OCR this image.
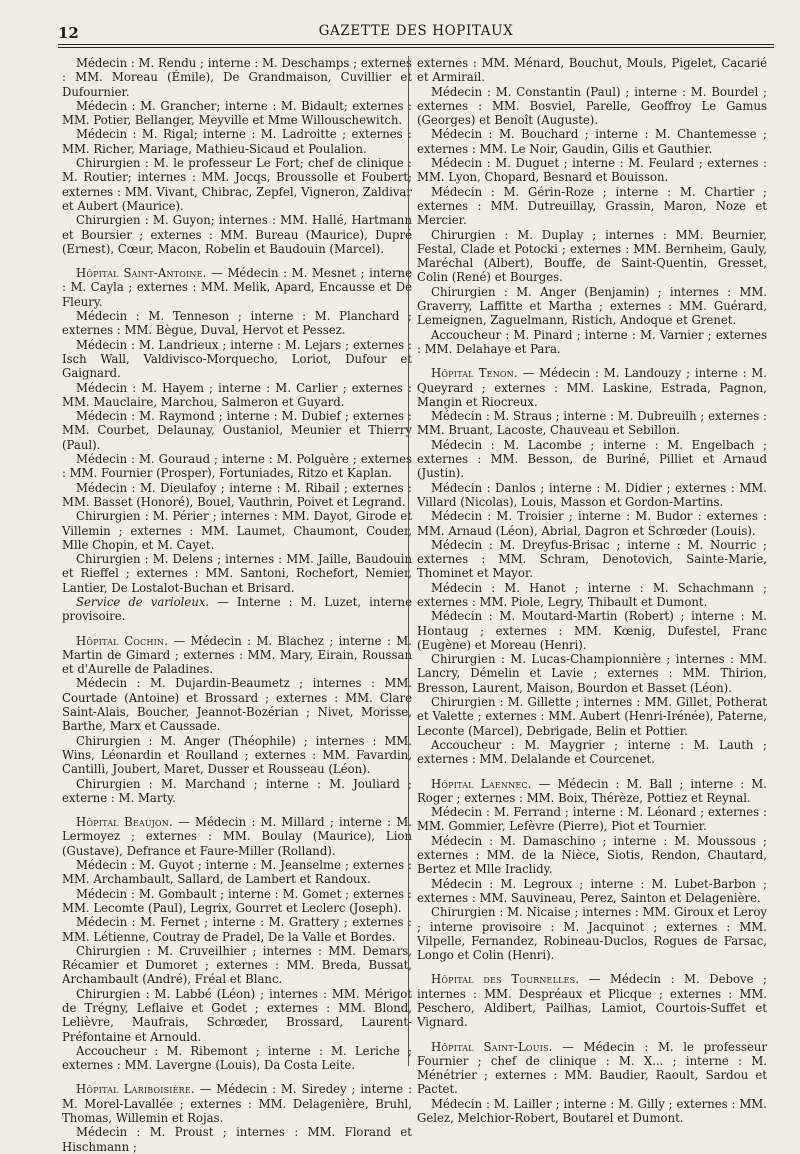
12	GAZETTE DES HOPITAUX

Médecin : M. Rendu ; interne : M. Deschamps ; externes : MM. Moreau (Émile), De Grandmaison, Cuvillier et Dufournier.

Médecin : M. Grancher; interne : M. Bidault; externes : MM. Potier, Bellanger, Meyville et Mme Willouschewitch.

Médecin : M. Rigal; interne : M. Ladroitte ; externes : MM. Richer, Mariage, Mathieu-Sicaud et Poulalion.

Chirurgien : M. le professeur Le Fort; chef de clinique : M. Routier; internes : MM. Jocqs, Broussolle et Foubert; externes : MM. Vivant, Chibrac, Zepfel, Vigneron, Zaldivar et Aubert (Maurice).

Chirurgien : M. Guyon; internes : MM. Hallé, Hartmann et Boursier ; externes : MM. Bureau (Maurice), Dupré (Ernest), Cœur, Macon, Robelin et Baudouin (Marcel).

Hôpital Saint-Antoine. — Médecin : M. Mesnet ; interne : M. Cayla ; externes : MM. Melik, Apard, Encausse et De Fleury.

Médecin : M. Tenneson ; interne : M. Planchard ; externes : MM. Bègue, Duval, Hervot et Pessez.

Médecin : M. Landrieux ; interne : M. Lejars ; externes : Isch Wall, Valdivisco-Morquecho, Loriot, Dufour et Gaignard.

Médecin : M. Hayem ; interne : M. Carlier ; externes : MM. Mauclaire, Marchou, Salmeron et Guyard.

Médecin : M. Raymond ; interne : M. Dubief ; externes : MM. Courbet, Delaunay, Oustaniol, Meunier et Thierry (Paul).

Médecin : M. Gouraud ; interne : M. Polguère ; externes : MM. Fournier (Prosper), Fortuniades, Ritzo et Kaplan.

Médecin : M. Dieulafoy ; interne : M. Ribail ; externes : MM. Basset (Honoré), Bouel, Vauthrin, Poivet et Legrand.

Chirurgien : M. Périer ; internes : MM. Dayot, Girode et Villemin ; externes : MM. Laumet, Chaumont, Couder, Mlle Chopin, et M. Cayet.

Chirurgien : M. Delens ; internes : MM. Jaille, Baudouin et Rieffel ; externes : MM. Santoni, Rochefort, Nemier, Lantier, De Lostalot-Buchan et Brisard.

Service de varioleux. — Interne : M. Luzet, interne provisoire.

Hôpital Cochin. — Médecin : M. Blachez ; interne : M. Martin de Gimard ; externes : MM. Mary, Eirain, Roussan et d'Aurelle de Paladines.

Médecin : M. Dujardin-Beaumetz ; internes : MM. Courtade (Antoine) et Brossard ; externes : MM. Clare Saint-Alais, Boucher, Jeannot-Bozérian ; Nivet, Morisse, Barthe, Marx et Caussade.

Chirurgien : M. Anger (Théophile) ; internes : MM. Wins, Léonardin et Roulland ; externes : MM. Favardin, Cantilli, Joubert, Maret, Dusser et Rousseau (Léon).

Chirurgien : M. Marchand ; interne : M. Jouliard ; externe : M. Marty.

Hôpital Beaujon. — Médecin : M. Millard ; interne : M. Lermoyez ; externes : MM. Boulay (Maurice), Lion (Gustave), Defrance et Faure-Miller (Rolland).

Médecin : M. Guyot ; interne : M. Jeanselme ; externes : MM. Archambault, Sallard, de Lambert et Randoux.

Médecin : M. Gombault ; interne : M. Gomet ; externes : MM. Lecomte (Paul), Legrix, Gourret et Leclerc (Joseph).

Médecin : M. Fernet ; interne : M. Grattery ; externes : MM. Létienne, Coutray de Pradel, De la Valle et Bordes.

Chirurgien : M. Cruveilhier ; internes : MM. Demars, Récamier et Dumoret ; externes : MM. Breda, Bussat, Archambault (André), Fréal et Blanc.

Chirurgien : M. Labbé (Léon) ; internes : MM. Mérigot de Trégny, Leflaive et Godet ; externes : MM. Blond, Lelièvre, Maufrais, Schrœder, Brossard, Laurent-Préfontaine et Arnould.

Accoucheur : M. Ribemont ; interne : M. Leriche ; externes : MM. Lavergne (Louis), Da Costa Leite.

Hôpital Lariboisière. — Médecin : M. Siredey ; interne : M. Morel-Lavallée ; externes : MM. Delagenière, Bruhl, Thomas, Willemin et Rojas.

Médecin : M. Proust ; internes : MM. Florand et Hischmann ;

externes : MM. Ménard, Bouchut, Mouls, Pigelet, Cacarié et Armirail.

Médecin : M. Constantin (Paul) ; interne : M. Bourdel ; externes : MM. Bosviel, Parelle, Geoffroy Le Gamus (Georges) et Benoît (Auguste).

Médecin : M. Bouchard ; interne : M. Chantemesse ; externes : MM. Le Noir, Gaudin, Gilis et Gauthier.

Médecin : M. Duguet ; interne : M. Feulard ; externes : MM. Lyon, Chopard, Besnard et Bouisson.

Médecin : M. Gérin-Roze ; interne : M. Chartier ; externes : MM. Dutreuillay, Grassin, Maron, Noze et Mercier.

Chirurgien : M. Duplay ; internes : MM. Beurnier, Festal, Clade et Potocki ; externes : MM. Bernheim, Gauly, Maréchal (Albert), Bouffe, de Saint-Quentin, Gresset, Colin (René) et Bourges.

Chirurgien : M. Anger (Benjamin) ; internes : MM. Graverry, Laffitte et Martha ; externes : MM. Guérard, Lemeignen, Zaguelmann, Ristich, Andoque et Grenet.

Accoucheur : M. Pinard ; interne : M. Varnier ; externes : MM. Delahaye et Para.

Hôpital Tenon. — Médecin : M. Landouzy ; interne : M. Queyrard ; externes : MM. Laskine, Estrada, Pagnon, Mangin et Riocreux.

Médecin : M. Straus ; interne : M. Dubreuilh ; externes : MM. Bruant, Lacoste, Chauveau et Sebillon.

Médecin : M. Lacombe ; interne : M. Engelbach ; externes : MM. Besson, de Buriné, Pilliet et Arnaud (Justin).

Médecin : Danlos ; interne : M. Didier ; externes : MM. Villard (Nicolas), Louis, Masson et Gordon-Martins.

Médecin : M. Troisier ; interne : M. Budor : externes : MM. Arnaud (Léon), Abrial, Dagron et Schrœder (Louis).

Médecin : M. Dreyfus-Brisac ; interne : M. Nourric ; externes : MM. Schram, Denotovich, Sainte-Marie, Thominet et Mayor.

Médecin : M. Hanot ; interne : M. Schachmann ; externes : MM. Piole, Legry, Thibault et Dumont.

Médecin : M. Moutard-Martin (Robert) ; interne : M. Hontaug ; externes : MM. Kœnig, Dufestel, Franc (Eugène) et Moreau (Henri).

Chirurgien : M. Lucas-Championnière ; internes : MM. Lancry, Démelin et Lavie ; externes : MM. Thirion, Bresson, Laurent, Maison, Bourdon et Basset (Léon).

Chirurgien : M. Gillette ; internes : MM. Gillet, Potherat et Valette ; externes : MM. Aubert (Henri-Irénée), Paterne, Leconte (Marcel), Debrigade, Belin et Pottier.

Accoucheur : M. Maygrier ; interne : M. Lauth ; externes : MM. Delalande et Courcenet.

Hôpital Laennec. — Médecin : M. Ball ; interne : M. Roger ; externes : MM. Boix, Thérèze, Pottiez et Reynal.

Médecin : M. Ferrand ; interne : M. Léonard ; externes : MM. Gommier, Lefèvre (Pierre), Piot et Tournier.

Médecin : M. Damaschino ; interne : M. Moussous ; externes : MM. de la Nièce, Siotis, Rendon, Chautard, Bertez et Mlle Iraclidy.

Médecin : M. Legroux ; interne : M. Lubet-Barbon ; externes : MM. Sauvineau, Perez, Sainton et Delagenière.

Chirurgien : M. Nicaise ; internes : MM. Giroux et Leroy ; interne provisoire : M. Jacquinot ; externes : MM. Vilpelle, Fernandez, Robineau-Duclos, Rogues de Farsac, Longo et Colin (Henri).

Hôpital des Tournelles. — Médecin : M. Debove ; internes : MM. Despréaux et Plicque ; externes : MM. Peschero, Aldibert, Pailhas, Lamiot, Courtois-Suffet et Vignard.

Hôpital Saint-Louis. — Médecin : M. le professeur Fournier ; chef de clinique : M. X... ; interne : M. Ménétrier ; externes : MM. Baudier, Raoult, Sardou et Pactet.

Médecin : M. Lailler ; interne : M. Gilly ; externes : MM. Gelez, Melchior-Robert, Boutarel et Dumont.
